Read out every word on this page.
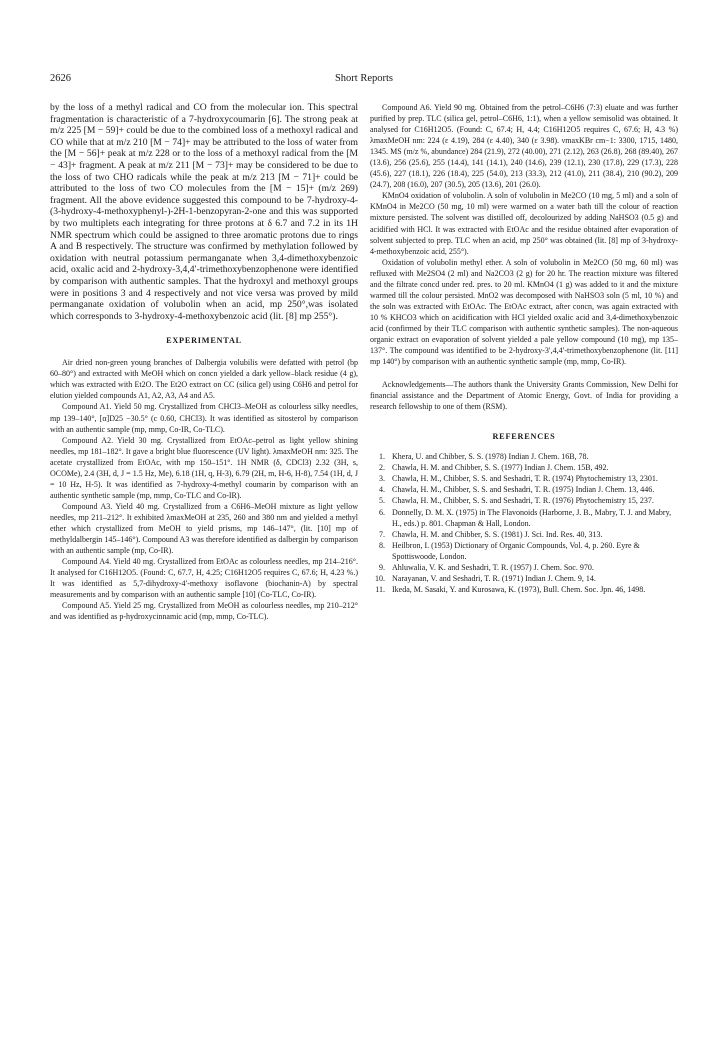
2626	Short Reports

by the loss of a methyl radical and CO from the molecular ion. This spectral fragmentation is characteristic of a 7-hydroxycoumarin [6]. The strong peak at m/z 225 [M − 59]+ could be due to the combined loss of a methoxyl radical and CO while that at m/z 210 [M − 74]+ may be attributed to the loss of water from the [M − 56]+ peak at m/z 228 or to the loss of a methoxyl radical from the [M − 43]+ fragment. A peak at m/z 211 [M − 73]+ may be considered to be due to the loss of two CHO radicals while the peak at m/z 213 [M − 71]+ could be attributed to the loss of two CO molecules from the [M − 15]+ (m/z 269) fragment. All the above evidence suggested this compound to be 7-hydroxy-4-(3-hydroxy-4-methoxyphenyl-)-2H-1-benzopyran-2-one and this was supported by two multiplets each integrating for three protons at δ 6.7 and 7.2 in its 1H NMR spectrum which could be assigned to three aromatic protons due to rings A and B respectively. The structure was confirmed by methylation followed by oxidation with neutral potassium permanganate when 3,4-dimethoxybenzoic acid, oxalic acid and 2-hydroxy-3,4,4′-trimethoxybenzophenone were identified by comparison with authentic samples. That the hydroxyl and methoxyl groups were in positions 3 and 4 respectively and not vice versa was proved by mild permanganate oxidation of volubolin when an acid, mp 250°,was isolated which corresponds to 3-hydroxy-4-methoxybenzoic acid (lit. [8] mp 255°).

EXPERIMENTAL

Air dried non-green young branches of Dalbergia volubilis were defatted with petrol (bp 60–80°) and extracted with MeOH which on concn yielded a dark yellow–black residue (4 g), which was extracted with Et2O. The Et2O extract on CC (silica gel) using C6H6 and petrol for elution yielded compounds A1, A2, A3, A4 and A5.

Compound A1. Yield 50 mg. Crystallized from CHCl3–MeOH as colourless silky needles, mp 139–140°, [α]D25 −30.5° (c 0.60, CHCl3). It was identified as sitosterol by comparison with an authentic sample (mp, mmp, Co-IR, Co-TLC).

Compound A2. Yield 30 mg. Crystallized from EtOAc–petrol as light yellow shining needles, mp 181–182°. It gave a bright blue fluorescence (UV light). λmaxMeOH nm: 325. The acetate crystallized from EtOAc, with mp 150–151°. 1H NMR (δ, CDCl3) 2.32 (3H, s, OCOMe), 2.4 (3H, d, J = 1.5 Hz, Me), 6.18 (1H, q, H-3), 6.79 (2H, m, H-6, H-8), 7.54 (1H, d, J = 10 Hz, H-5). It was identified as 7-hydroxy-4-methyl coumarin by comparison with an authentic synthetic sample (mp, mmp, Co-TLC and Co-IR).

Compound A3. Yield 40 mg. Crystallized from a C6H6–MeOH mixture as light yellow needles, mp 211–212°. It exhibited λmaxMeOH at 235, 260 and 380 nm and yielded a methyl ether which crystallized from MeOH to yield prisms, mp 146–147°, (lit. [10] mp of methyldalbergin 145–146°). Compound A3 was therefore identified as dalbergin by comparison with an authentic sample (mp, Co-IR).

Compound A4. Yield 40 mg. Crystallized from EtOAc as colourless needles, mp 214–216°. It analysed for C16H12O5. (Found: C, 67.7, H, 4.25; C16H12O5 requires C, 67.6; H, 4.23 %.) It was identified as 5,7-dihydroxy-4′-methoxy isoflavone (biochanin-A) by spectral measurements and by comparison with an authentic sample [10] (Co-TLC, Co-IR).

Compound A5. Yield 25 mg. Crystallized from MeOH as colourless needles, mp 210–212° and was identified as p-hydroxycinnamic acid (mp, mmp, Co-TLC).

Compound A6. Yield 90 mg. Obtained from the petrol–C6H6 (7:3) eluate and was further purified by prep. TLC (silica gel, petrol–C6H6, 1:1), when a yellow semisolid was obtained. It analysed for C16H12O5. (Found: C, 67.4; H, 4.4; C16H12O5 requires C, 67.6; H, 4.3 %) λmaxMeOH nm: 224 (ε 4.19), 284 (ε 4.40), 340 (ε 3.98). νmaxKBr cm−1: 3300, 1715, 1480, 1345. MS (m/z %, abundance) 284 (21.9), 272 (40.00), 271 (2.12), 263 (26.8), 268 (89.40), 267 (13.6), 256 (25.6), 255 (14.4), 141 (14.1), 240 (14.6), 239 (12.1), 230 (17.8), 229 (17.3), 228 (45.6), 227 (18.1), 226 (18.4), 225 (54.0), 213 (33.3), 212 (41.0), 211 (38.4), 210 (90.2), 209 (24.7), 208 (16.0), 207 (30.5), 205 (13.6), 201 (26.0).

KMnO4 oxidation of volubolin. A soln of volubolin in Me2CO (10 mg, 5 ml) and a soln of KMnO4 in Me2CO (50 mg, 10 ml) were warmed on a water bath till the colour of reaction mixture persisted. The solvent was distilled off, decolourized by adding NaHSO3 (0.5 g) and acidified with HCl. It was extracted with EtOAc and the residue obtained after evaporation of solvent subjected to prep. TLC when an acid, mp 250° was obtained (lit. [8] mp of 3-hydroxy-4-methoxybenzoic acid, 255°).

Oxidation of volubolin methyl ether. A soln of volubolin in Me2CO (50 mg, 60 ml) was refluxed with Me2SO4 (2 ml) and Na2CO3 (2 g) for 20 hr. The reaction mixture was filtered and the filtrate concd under red. pres. to 20 ml. KMnO4 (1 g) was added to it and the mixture warmed till the colour persisted. MnO2 was decomposed with NaHSO3 soln (5 ml, 10 %) and the soln was extracted with EtOAc. The EtOAc extract, after concn, was again extracted with 10 % KHCO3 which on acidification with HCl yielded oxalic acid and 3,4-dimethoxybenzoic acid (confirmed by their TLC comparison with authentic synthetic samples). The non-aqueous organic extract on evaporation of solvent yielded a pale yellow compound (10 mg), mp 135–137°. The compound was identified to be 2-hydroxy-3′,4,4′-trimethoxybenzophenone (lit. [11] mp 140°) by comparison with an authentic synthetic sample (mp, mmp, Co-IR).

Acknowledgements—The authors thank the University Grants Commission, New Delhi for financial assistance and the Department of Atomic Energy, Govt. of India for providing a research fellowship to one of them (RSM).

REFERENCES
1. Khera, U. and Chibber, S. S. (1978) Indian J. Chem. 16B, 78.
2. Chawla, H. M. and Chibber, S. S. (1977) Indian J. Chem. 15B, 492.
3. Chawla, H. M., Chibber, S. S. and Seshadri, T. R. (1974) Phytochemistry 13, 2301.
4. Chawla, H. M., Chibber, S. S. and Seshadri, T. R. (1975) Indian J. Chem. 13, 446.
5. Chawla, H. M., Chibber, S. S. and Seshadri, T. R. (1976) Phytochemistry 15, 237.
6. Donnelly, D. M. X. (1975) in The Flavonoids (Harborne, J. B., Mabry, T. J. and Mabry, H., eds.) p. 801. Chapman & Hall, London.
7. Chawla, H. M. and Chibber, S. S. (1981) J. Sci. Ind. Res. 40, 313.
8. Heilbron, I. (1953) Dictionary of Organic Compounds, Vol. 4, p. 260. Eyre & Spottiswoode, London.
9. Ahluwalia, V. K. and Seshadri, T. R. (1957) J. Chem. Soc. 970.
10. Narayanan, V. and Seshadri, T. R. (1971) Indian J. Chem. 9, 14.
11. Ikeda, M. Sasaki, Y. and Kurosawa, K. (1973), Bull. Chem. Soc. Jpn. 46, 1498.
